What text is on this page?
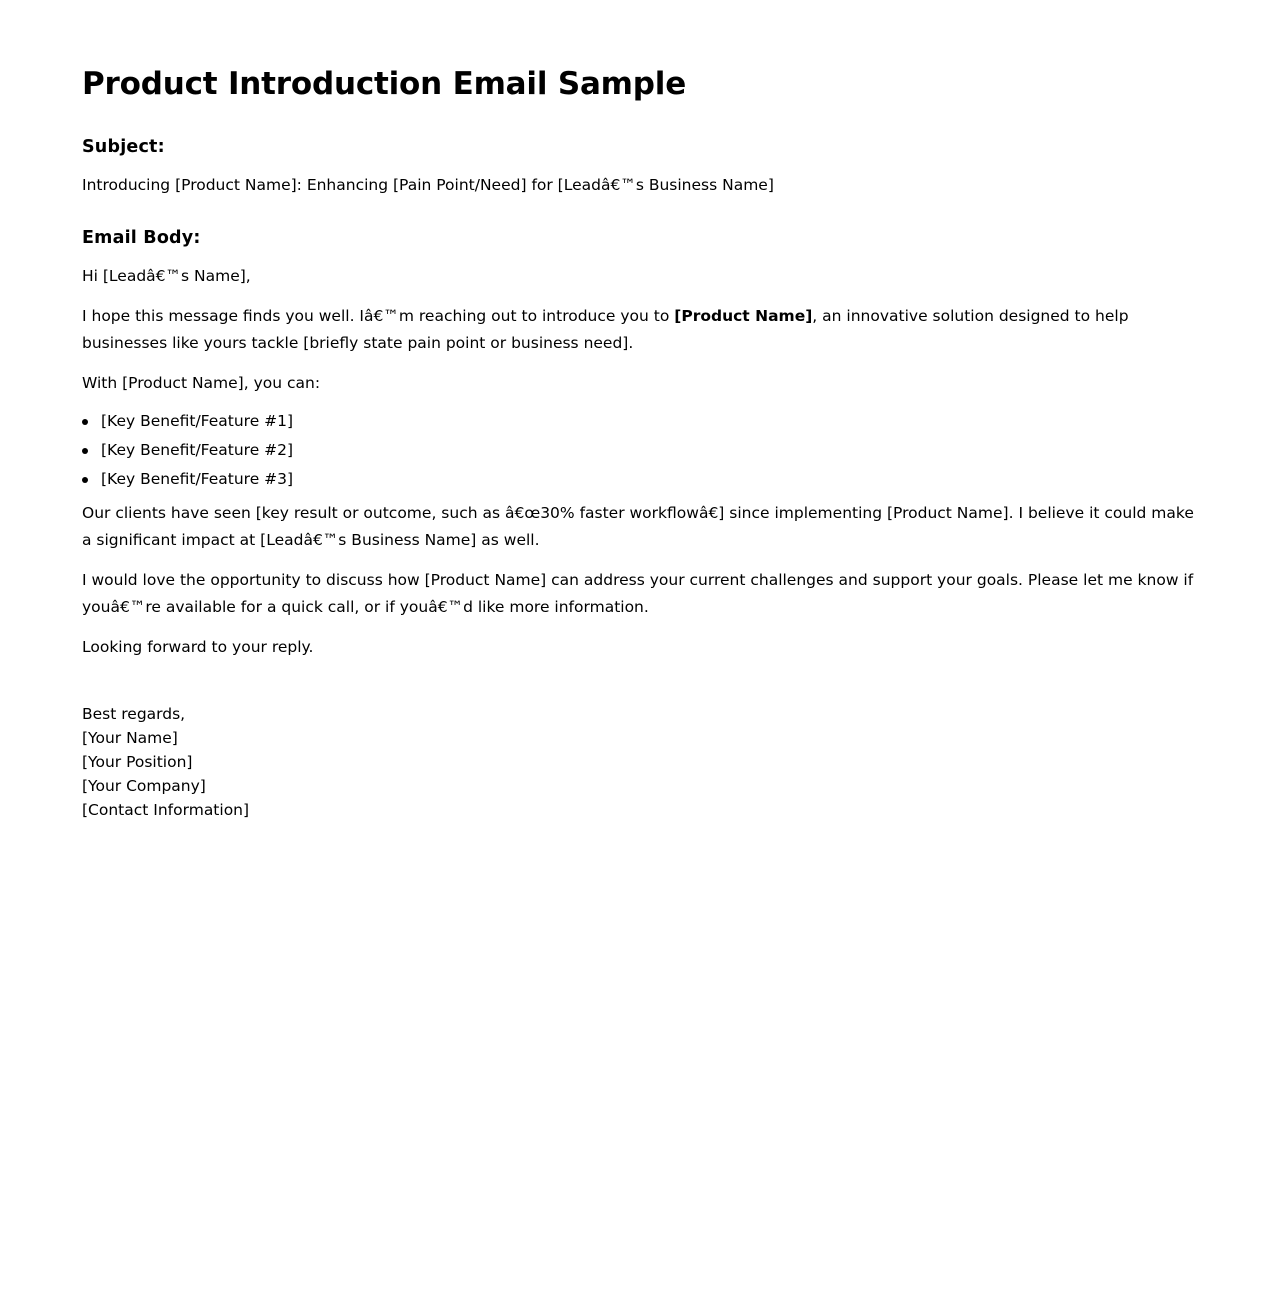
Product Introduction Email Sample
Subject:

Introducing [Product Name]: Enhancing [Pain Point/Need] for [Leadâ€™s Business Name]

Email Body:

Hi [Leadâ€™s Name],

I hope this message finds you well. Iâ€™m reaching out to introduce you to [Product Name], an innovative solution designed to help businesses like yours tackle [briefly state pain point or business need].

With [Product Name], you can:

[Key Benefit/Feature #1]
[Key Benefit/Feature #2]
[Key Benefit/Feature #3]

Our clients have seen [key result or outcome, such as â€œ30% faster workflowâ€] since implementing [Product Name]. I believe it could make a significant impact at [Leadâ€™s Business Name] as well.

I would love the opportunity to discuss how [Product Name] can address your current challenges and support your goals. Please let me know if youâ€™re available for a quick call, or if youâ€™d like more information.

Looking forward to your reply.

Best regards,
[Your Name]
[Your Position]
[Your Company]
[Contact Information]
